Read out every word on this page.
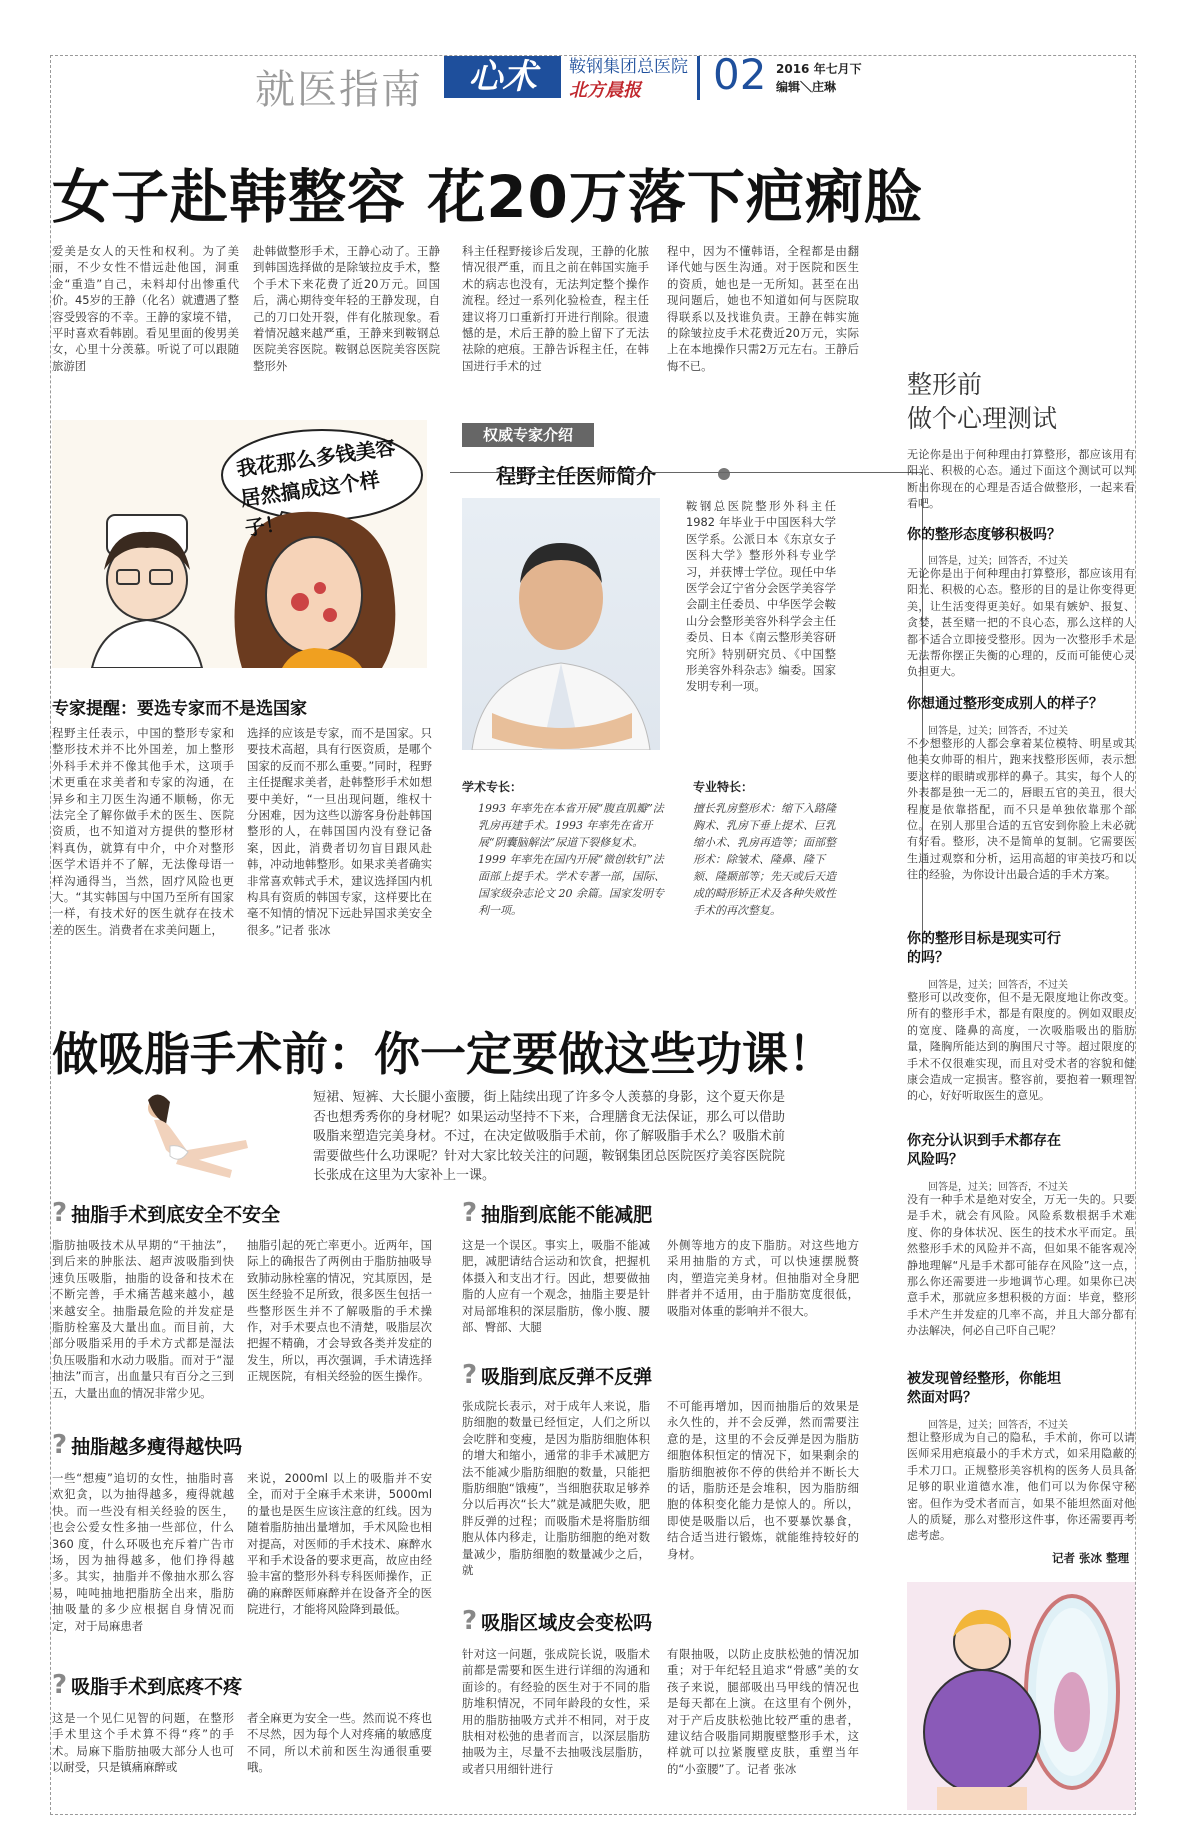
就医指南	心术	鞍钢集团总医院
北方晨报 02 2016 年七月下
编辑＼庄琳
女子赴韩整容 花20万落下疤痢脸
爱美是女人的天性和权利。为了美丽，不少女性不惜远赴他国，洞重金“重造”自己，未料却付出惨重代价。45岁的王静（化名）就遭遇了整容受毁容的不幸。王静的家境不错，平时喜欢看韩剧。看见里面的俊男美女，心里十分羡慕。听说了可以跟随旅游团
赴韩做整形手术，王静心动了。王静到韩国选择做的是除皱拉皮手术，整个手术下来花费了近20万元。回国后，满心期待变年轻的王静发现，自己的刀口处开裂，伴有化脓现象。看着情况越来越严重，王静来到鞍钢总医院美容医院。鞍钢总医院美容医院整形外
科主任程野接诊后发现，王静的化脓情况很严重，而且之前在韩国实施手术的病志也没有，无法判定整个操作流程。经过一系列化验检查，程主任建议将刀口重新打开进行削除。很遗憾的是，术后王静的脸上留下了无法祛除的疤痕。王静告诉程主任，在韩国进行手术的过
程中，因为不懂韩语，全程都是由翻译代她与医生沟通。对于医院和医生的资质，她也是一无所知。甚至在出现问题后，她也不知道如何与医院取得联系以及找谁负责。王静在韩实施的除皱拉皮手术花费近20万元，实际上在本地操作只需2万元左右。王静后悔不已。
我花那么多钱美容 居然搞成这个样子！
专家提醒：要选专家而不是选国家
程野主任表示，中国的整形专家和整形技术并不比外国差，加上整形外科手术并不像其他手术，这项手术更重在求美者和专家的沟通，在异乡和主刀医生沟通不顺畅，你无法完全了解你做手术的医生、医院资质，也不知道对方提供的整形材料真伪，就算有中介，中介对整形医学术语并不了解，无法像母语一样沟通得当，当然，固疗风险也更大。“其实韩国与中国乃至所有国家一样，有技术好的医生就存在技术差的医生。消费者在求美问题上，
选择的应该是专家，而不是国家。只要技术高超，具有行医资质，是哪个国家的反而不那么重要。”同时，程野主任提醒求美者，赴韩整形手术如想要中美好，“一旦出现问题，维权十分困难，因为这些以游客身份赴韩国整形的人，在韩国国内没有登记备案，因此，消费者切勿盲目跟风赴韩，冲动地韩整形。如果求美者确实非常喜欢韩式手术，建议选择国内机构具有资质的韩国专家，这样要比在毫不知情的情况下远赴异国求美安全很多。”记者 张冰
权威专家介绍
程野主任医师简介
鞍钢总医院整形外科主任 1982 年毕业于中国医科大学医学系。公派日本《东京女子医科大学》整形外科专业学习，并获博士学位。现任中华医学会辽宁省分会医学美容学会副主任委员、中华医学会鞍山分会整形美容外科学会主任委员、日本《南云整形美容研究所》特别研究员、《中国整形美容外科杂志》编委。国家发明专利一项。
学术专长：
1993 年率先在本省开展“腹直肌瓣”法乳房再建手术。1993 年率先在省开展“阴囊脑解法”尿道下裂修复术。1999 年率先在国内开展“微创软钉”法面部上提手术。学术专著一部，国际、国家级杂志论文 20 余篇。国家发明专利一项。
专业特长：
擅长乳房整形术：缩下入路隆胸术、乳房下垂上提术、巨乳缩小术、乳房再造等；面部整形术：除皱术、隆鼻、隆下颏、隆颞部等；先天或后天造成的畸形矫正术及各种失败性手术的再次整复。
整形前
做个心理测试
无论你是出于何种理由打算整形，都应该用有阳光、积极的心态。通过下面这个测试可以判断出你现在的心理是否适合做整形，一起来看看吧。
你的整形态度够积极吗？
回答是，过关；回答否，不过关
无论你是出于何种理由打算整形，都应该用有阳光、积极的心态。整形的目的是让你变得更美，让生活变得更美好。如果有嫉妒、报复、贪婪，甚至赌一把的不良心态，那么这样的人都不适合立即接受整形。因为一次整形手术是无法帮你摆正失衡的心理的，反而可能使心灵负担更大。
你想通过整形变成别人的样子？
回答是，过关；回答否，不过关
不少想整形的人都会拿着某位模特、明星或其他美女帅哥的相片，跑来找整形医师，表示想要这样的眼睛或那样的鼻子。其实，每个人的外表都是独一无二的，唇眼五官的美丑，很大程度是依靠搭配，而不只是单独依靠那个部位。在别人那里合适的五官安到你脸上未必就有好看。整形，决不是简单的复制。它需要医生通过观察和分析，运用高超的审美技巧和以往的经验，为你设计出最合适的手术方案。
你的整形目标是现实可行的吗？
回答是，过关；回答否，不过关
整形可以改变你，但不是无限度地让你改变。所有的整形手术，都是有限度的。例如双眼皮的宽度、隆鼻的高度，一次吸脂吸出的脂肪量，隆胸所能达到的胸围尺寸等。超过限度的手术不仅很难实现，而且对受术者的容貌和健康会造成一定损害。整容前，要抱着一颗理智的心，好好听取医生的意见。
你充分认识到手术都存在风险吗？
回答是，过关；回答否，不过关
没有一种手术是绝对安全，万无一失的。只要是手术，就会有风险。风险系数根据手术难度、你的身体状况、医生的技术水平而定。虽然整形手术的风险并不高，但如果不能客观冷静地理解“凡是手术都可能存在风险”这一点，那么你还需要进一步地调节心理。如果你已决意手术，那就应多想积极的方面：毕竟，整形手术产生并发症的几率不高，并且大部分都有办法解决，何必自己吓自己呢？
被发现曾经整形，你能坦然面对吗？
回答是，过关；回答否，不过关
想让整形成为自己的隐私，手术前，你可以请医师采用疤痕最小的手术方式，如采用隐蔽的手术刀口。正规整形美容机构的医务人员具备足够的职业道德水准，他们可以为你保守秘密。但作为受术者而言，如果不能坦然面对他人的质疑，那么对整形这件事，你还需要再考虑考虑。
记者 张冰 整理
做吸脂手术前：你一定要做这些功课！
短裙、短裤、大长腿小蛮腰，街上陆续出现了许多令人羡慕的身影，这个夏天你是否也想秀秀你的身材呢？如果运动坚持不下来，合理膳食无法保证，那么可以借助吸脂来塑造完美身材。不过，在决定做吸脂手术前，你了解吸脂手术么？吸脂术前需要做些什么功课呢？针对大家比较关注的问题，鞍钢集团总医院医疗美容医院院长张成在这里为大家补上一课。
? 抽脂手术到底安全不安全
脂肪抽吸技术从早期的“干抽法”，到后来的肿胀法、超声波吸脂到快速负压吸脂，抽脂的设备和技术在不断完善，手术痛苦越来越小，越来越安全。抽脂最危险的并发症是脂肪栓塞及大量出血。而目前，大部分吸脂采用的手术方式都是湿法负压吸脂和水动力吸脂。而对于“湿抽法”而言，出血量只有百分之三到五，大量出血的情况非常少见。
抽脂引起的死亡率更小。近两年，国际上的确报告了两例由于脂肪抽吸导致肺动脉栓塞的情况，究其原因，是医生经验不足所致，很多医生包括一些整形医生并不了解吸脂的手术操作，对手术要点也不清楚，吸脂层次把握不精确，才会导致各类并发症的发生，所以，再次强调，手术请选择正规医院，有相关经验的医生操作。
? 抽脂越多瘦得越快吗
一些“想瘦”追切的女性，抽脂时喜欢犯贪，以为抽得越多，瘦得就越快。而一些没有相关经验的医生，也会公爱女性多抽一些部位，什么 360 度，什么环吸也充斥着广告市场，因为抽得越多，他们挣得越多。其实，抽脂并不像抽水那么容易，吨吨抽地把脂肪全出来，脂肪抽吸量的多少应根据自身情况而定，对于局麻患者
来说，2000ml 以上的吸脂并不安全，而对于全麻手术来讲，5000ml 的量也是医生应该注意的红线。因为随着脂肪抽出量增加，手术风险也相对提高，对医师的手术技术、麻醉水平和手术设备的要求更高，故应由经验丰富的整形外科专科医师操作，正确的麻醉医师麻醉并在设备齐全的医院进行，才能将风险降到最低。
? 吸脂手术到底疼不疼
这是一个见仁见智的问题，在整形手术里这个手术算不得“疼”的手术。局麻下脂肪抽吸大部分人也可以耐受，只是镇痛麻醉或
者全麻更为安全一些。然而说不疼也不尽然，因为每个人对疼痛的敏感度不同，所以术前和医生沟通很重要哦。
? 抽脂到底能不能减肥
这是一个误区。事实上，吸脂不能减肥，减肥请结合运动和饮食，把握机体摄入和支出才行。因此，想要做抽脂的人应有一个观念，抽脂主要是针对局部堆积的深层脂肪，像小腹、腰部、臀部、大腿
外侧等地方的皮下脂肪。对这些地方采用抽脂的方式，可以快速摆脱赘肉，塑造完美身材。但抽脂对全身肥胖者并不适用，由于脂肪宽度很低，吸脂对体重的影响并不很大。
? 吸脂到底反弹不反弹
张成院长表示，对于成年人来说，脂肪细胞的数量已经恒定，人们之所以会吃胖和变瘦，是因为脂肪细胞体积的增大和缩小，通常的非手术减肥方法不能减少脂肪细胞的数量，只能把脂肪细胞“饿瘦”，当细胞获取足够养分以后再次“长大”就是减肥失败，肥胖反弹的过程；而吸脂术是将脂肪细胞从体内移走，让脂肪细胞的绝对数量减少，脂肪细胞的数量减少之后，就
不可能再增加，因而抽脂后的效果是永久性的，并不会反弹，然而需要注意的是，这里的不会反弹是因为脂肪细胞体积恒定的情况下，如果剩余的脂肪细胞被你不停的供给并不断长大的话，脂肪还是会堆积，因为脂肪细胞的体积变化能力是惊人的。所以，即使是吸脂以后，也不要暴饮暴食，结合适当进行锻炼，就能维持较好的身材。
? 吸脂区域皮会变松吗
针对这一问题，张成院长说，吸脂术前都是需要和医生进行详细的沟通和面诊的。有经验的医生对于不同的脂肪堆积情况，不同年龄段的女性，采用的脂肪抽吸方式并不相同，对于皮肤相对松弛的患者而言，以深层脂肪抽吸为主，尽量不去抽吸浅层脂肪，或者只用细针进行
有限抽吸，以防止皮肤松弛的情况加重；对于年纪轻且追求“骨感”美的女孩子来说，腿部吸出马甲线的情况也是每天都在上演。在这里有个例外，对于产后皮肤松弛比较严重的患者，建议结合吸脂同期腹壁整形手术，这样就可以拉紧腹壁皮肤，重塑当年的“小蛮腰”了。记者 张冰
